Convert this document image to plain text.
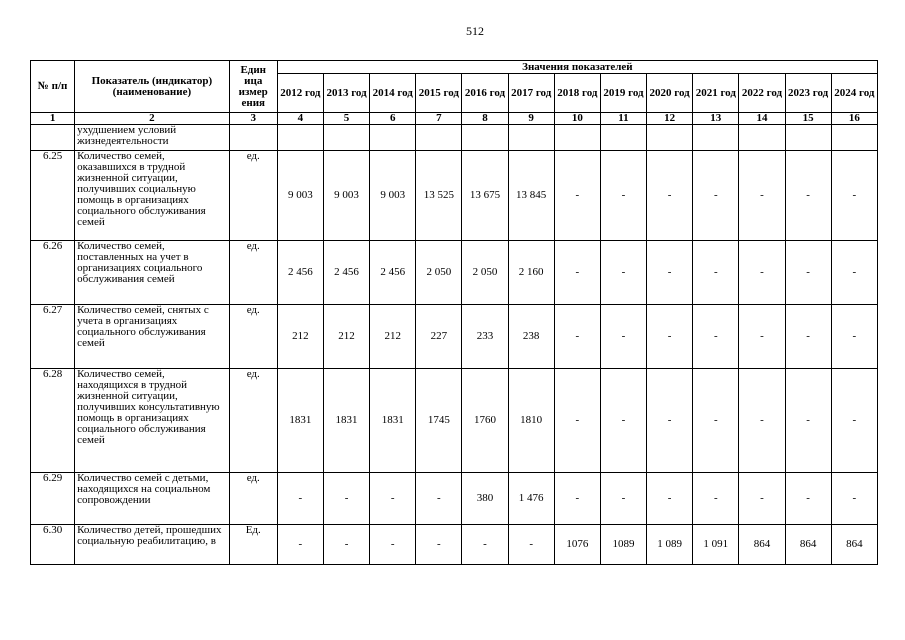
512
№ п/п	Показатель (индикатор) (наименование)	Един ица измер ения	Значения показателей												
			2012 год	2013 год	2014 год	2015 год	2016 год	2017 год	2018 год	2019 год	2020 год	2021 год	2022 год	2023 год	2024 год
1	2	3	4	5	6	7	8	9	10	11	12	13	14	15	16
	ухудшением условий жизнедеятельности														
6.25	Количество семей, оказавшихся в трудной жизненной ситуации, получивших социальную помощь в организациях социального обслуживания семей	ед.	9 003	9 003	9 003	13 525	13 675	13 845	-	-	-	-	-	-	-
6.26	Количество семей, поставленных на учет в организациях социального обслуживания семей	ед.	2 456	2 456	2 456	2 050	2 050	2 160	-	-	-	-	-	-	-
6.27	Количество семей, снятых с учета в организациях социального обслуживания семей	ед.	212	212	212	227	233	238	-	-	-	-	-	-	-
6.28	Количество семей, находящихся в трудной жизненной ситуации, получивших консультативную помощь в организациях социального обслуживания семей	ед.	1831	1831	1831	1745	1760	1810	-	-	-	-	-	-	-
6.29	Количество семей с детьми, находящихся на социальном сопровождении	ед.	-	-	-	-	380	1 476	-	-	-	-	-	-	-
6.30	Количество детей, прошедших социальную реабилитацию, в	Ед.	-	-	-	-	-	-	1076	1089	1 089	1 091	864	864	864
